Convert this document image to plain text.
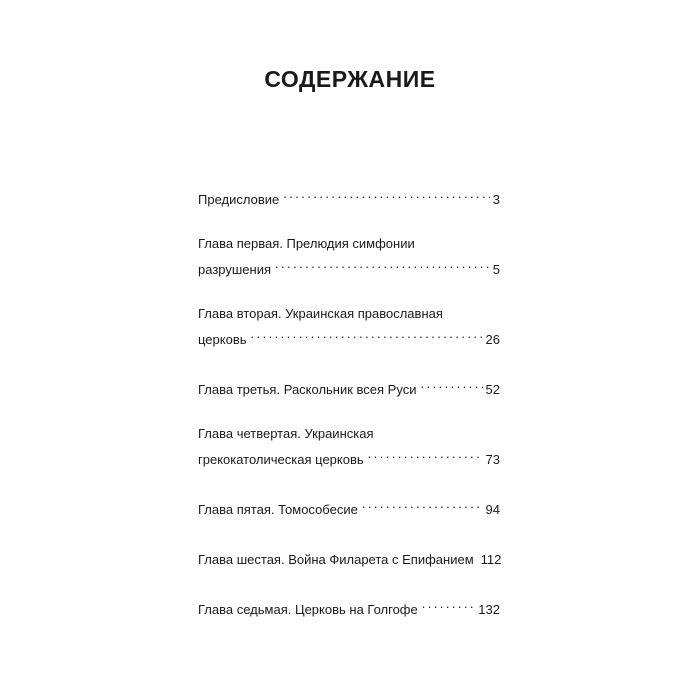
СОДЕРЖАНИЕ
Предисловие . . .	3
Глава первая. Прелюдия симфонии
разрушения . . .	5
Глава вторая. Украинская православная
церковь . . .	26
Глава третья. Раскольник всея Руси . . .	52
Глава четвертая. Украинская
грекокатолическая церковь . . .	73
Глава пятая. Томособесие . . .	94
Глава шестая. Война Филарета с Епифанием 112
Глава седьмая. Церковь на Голгофе . . .	132
